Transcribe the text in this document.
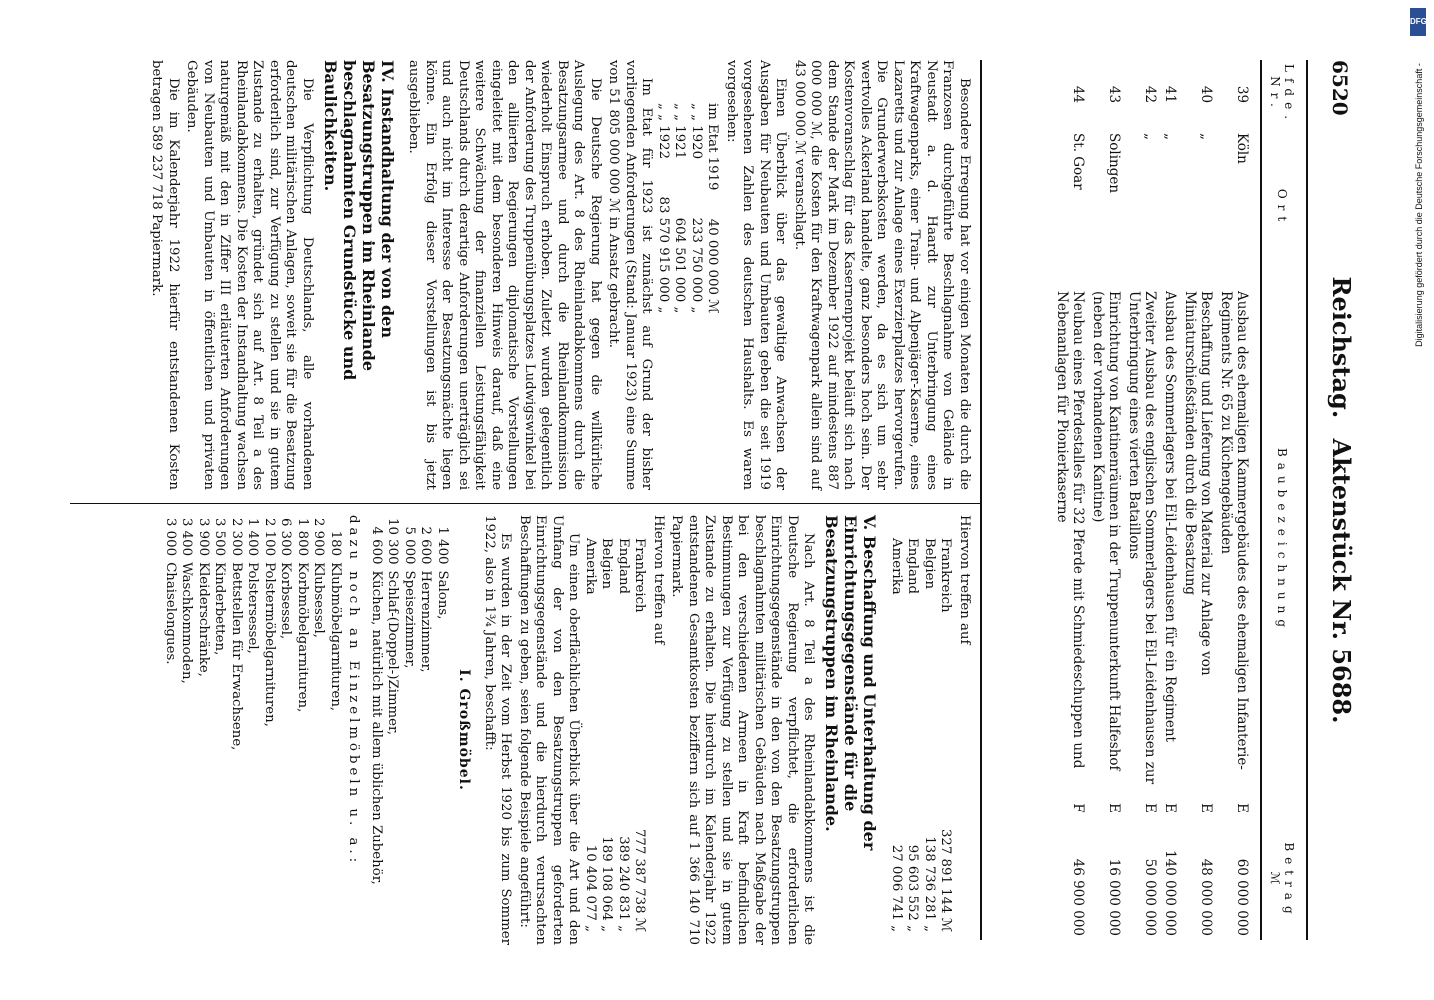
6520
Reichstag. Aktenstück Nr. 5688.
Lfde. Nr.	Ort	Baubezeichnung		Betrag
ℳ
39	Köln	Ausbau des ehemaligen Kammergebäudes des ehemaligen Infanterie-Regiments Nr. 65 zu Küchengebäuden	E	60 000 000
40	„	Beschaffung und Lieferung von Material zur Anlage von Miniaturschießständen durch die Besatzung	E	48 000 000
41	„	Ausbau des Sommerlagers bei Eil-Leidenhausen für ein Regiment	E	140 000 000
42	„	Zweiter Ausbau des englischen Sommerlagers bei Eil-Leidenhausen zur Unterbringung eines vierten Bataillons	E	50 000 000
43	Solingen	Einrichtung von Kantinenräumen in der Truppenunterkunft Halfeshof (neben der vorhandenen Kantine)	E	16 000 000
44	St. Goar	Neubau eines Pferdestalles für 32 Pferde mit Schmiedeschuppen und Nebenanlagen für Pionierkaserne	F	46 900 000

Besondere Erregung hat vor einigen Monaten die durch die Franzosen durchgeführte Beschlagnahme von Gelände in Neustadt a. d. Haardt zur Unterbringung eines Kraftwagenparks, einer Train- und Alpenjäger-Kaserne, eines Lazaretts und zur Anlage eines Exerzierplatzes hervorgerufen. Die Grunderwerbskosten werden, da es sich um sehr wertvolles Ackerland handelte, ganz besonders hoch sein. Der Kostenvoranschlag für das Kasernenprojekt beläuft sich nach dem Stande der Mark im Dezember 1922 auf mindestens 887 000 000 ℳ, die Kosten für den Kraftwagenpark allein sind auf 43 000 000 ℳ veranschlagt.

Einen Überblick über das gewaltige Anwachsen der Ausgaben für Neubauten und Umbauten geben die seit 1919 vorgesehenen Zahlen des deutschen Haushalts. Es waren vorgesehen:

im Etat 1919	40 000 000 ℳ
„ „ 1920	233 750 000 „
„ „ 1921	604 501 000 „
„ „ 1922	83 570 915 000 „

Im Etat für 1923 ist zunächst auf Grund der bisher vorliegenden Anforderungen (Stand: Januar 1923) eine Summe von 51 805 000 000 ℳ in Ansatz gebracht.

Die Deutsche Regierung hat gegen die willkürliche Auslegung des Art. 8 des Rheinlandabkommens durch die Besatzungsarmee und durch die Rheinlandkommission wiederholt Einspruch erhoben. Zuletzt wurden gelegentlich der Anforderung des Truppenübungsplatzes Ludwigswinkel bei den alliierten Regierungen diplomatische Vorstellungen eingeleitet mit dem besonderen Hinweis darauf, daß eine weitere Schwächung der finanziellen Leistungsfähigkeit Deutschlands durch derartige Anforderungen unerträglich sei und auch nicht im Interesse der Besatzungsmächte liegen könne. Ein Erfolg dieser Vorstellungen ist bis jetzt ausgeblieben.

IV. Instandhaltung der von den Besatzungstruppen im Rheinlande beschlagnahmten Grundstücke und Baulichkeiten.

Die Verpflichtung Deutschlands, alle vorhandenen deutschen militärischen Anlagen, soweit sie für die Besatzung erforderlich sind, zur Verfügung zu stellen und sie in gutem Zustande zu erhalten, gründet sich auf Art. 8 Teil a des Rheinlandabkommens. Die Kosten der Instandhaltung wachsen naturgemäß mit den in Ziffer III erläuterten Anforderungen von Neubauten und Umbauten in öffentlichen und privaten Gebäuden.

Die im Kalenderjahr 1922 hierfür entstandenen Kosten betragen 589 237 718 Papiermark.

Hiervon treffen auf

Frankreich	327 891 144 ℳ
Belgien	138 736 281 „
England	95 603 552 „
Amerika	27 006 741 „
V. Beschaffung und Unterhaltung der Einrichtungsgegenstände für die Besatzungstruppen im Rheinlande.

Nach Art. 8 Teil a des Rheinlandabkommens ist die Deutsche Regierung verpflichtet, die erforderlichen Einrichtungsgegenstände in den von den Besatzungstruppen beschlagnahmten militärischen Gebäuden nach Maßgabe der bei den verschiedenen Armeen in Kraft befindlichen Bestimmungen zur Verfügung zu stellen und sie in gutem Zustande zu erhalten. Die hierdurch im Kalenderjahr 1922 entstandenen Gesamtkosten beziffern sich auf 1 366 140 710 Papiermark.

Hiervon treffen auf

Frankreich	777 387 738 ℳ
England	389 240 831 „
Belgien	189 108 064 „
Amerika	10 404 077 „

Um einen oberflächlichen Überblick über die Art und den Umfang der von den Besatzungstruppen geforderten Einrichtungsgegenstände und die hierdurch verursachten Beschaffungen zu geben, seien folgende Beispiele angeführt:

Es wurden in der Zeit vom Herbst 1920 bis zum Sommer 1922, also in 1¾ Jahren, beschafft:

I. Großmöbel.
1 400	Salons,
2 600	Herrenzimmer,
5 000	Speisezimmer,
10 300	Schlaf-(Doppel-)Zimmer,
4 600	Küchen, natürlich mit allem üblichen Zubehör,

dazu noch an Einzelmöbeln u. a.:

180	Klubmöbelgarnituren,
2 900	Klubsessel,
1 800	Korbmöbelgarnituren,
6 300	Korbsessel,
2 100	Polstermöbelgarnituren,
1 400	Polstersessel,
2 300	Bettstellen für Erwachsene,
3 500	Kinderbetten,
3 900	Kleiderschränke,
3 400	Waschkommoden,
3 000	Chaiselongues.
DFG
Digitalisierung gefördert durch die Deutsche Forschungsgemeinschaft -
